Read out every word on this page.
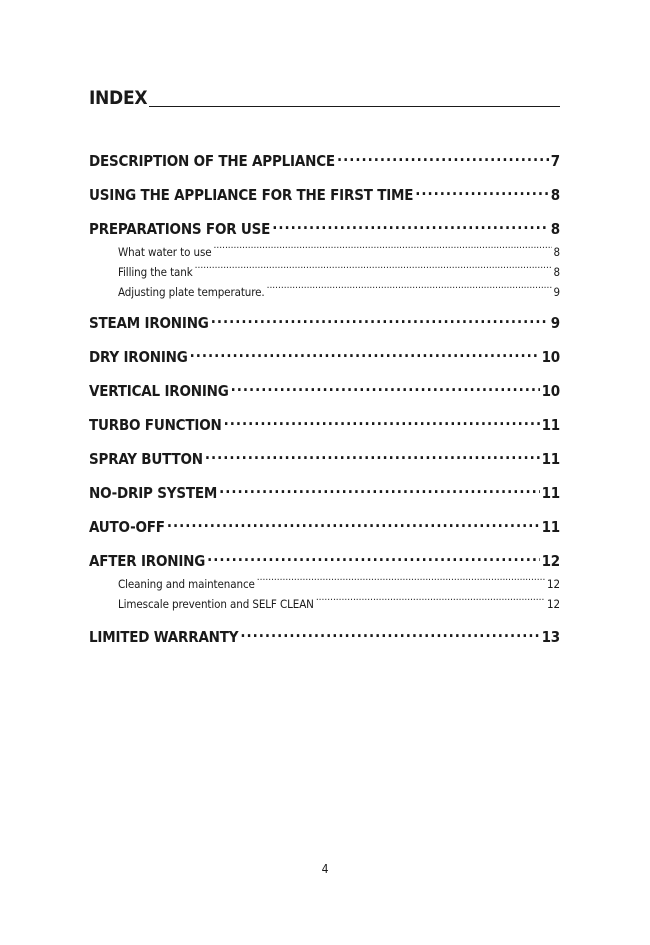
INDEX
DESCRIPTION OF THE APPLIANCE .....	7
USING THE APPLIANCE FOR THE FIRST TIME .....	8
PREPARATIONS FOR USE .....	8
What water to use .....	8
Filling the tank .....	8
Adjusting plate temperature. .....	9
STEAM IRONING .....	9
DRY IRONING .....	10
VERTICAL IRONING .....	10
TURBO FUNCTION .....	11
SPRAY BUTTON .....	11
NO-DRIP SYSTEM .....	11
AUTO-OFF .....	11
AFTER IRONING .....	12
Cleaning and maintenance .....	12
Limescale prevention and SELF CLEAN .....	12
LIMITED WARRANTY .....	13
4
